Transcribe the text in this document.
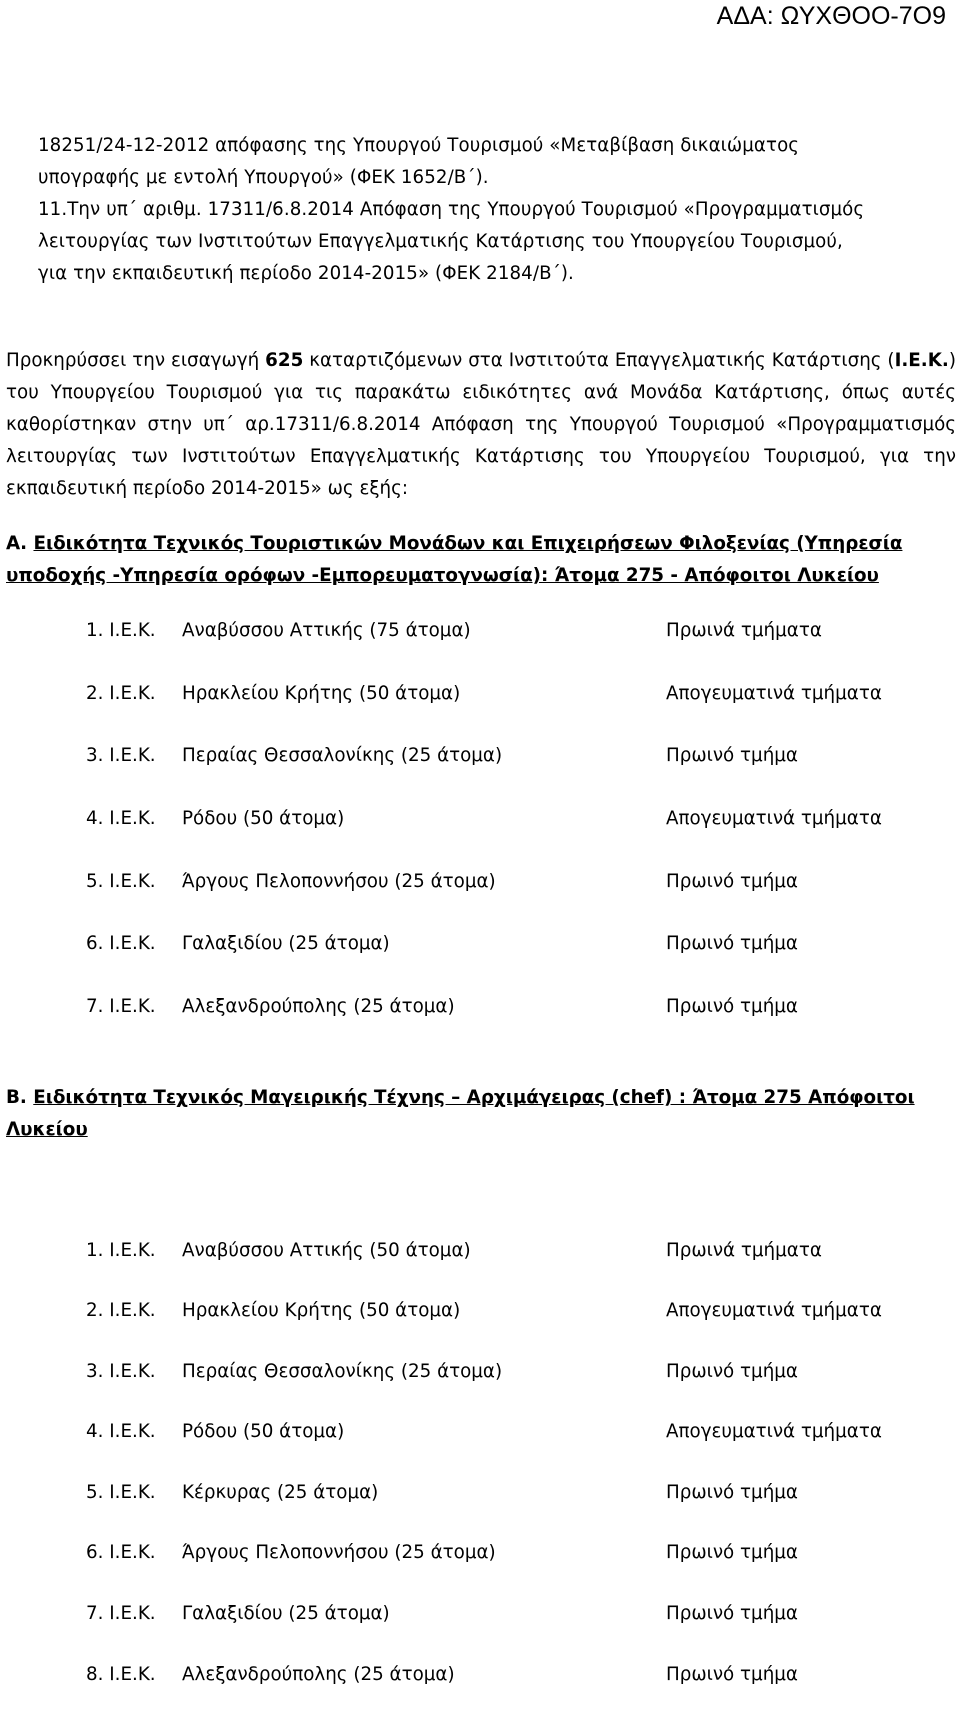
ΑΔΑ: ΩΥΧΘΟΟ-7Ο9
18251/24-12-2012 απόφασης της Υπουργού Τουρισμού «Μεταβίβαση δικαιώματος
υπογραφής με εντολή Υπουργού» (ΦΕΚ 1652/Β΄).
11.Την υπ΄ αριθμ. 17311/6.8.2014 Απόφαση της Υπουργού Τουρισμού «Προγραμματισμός
λειτουργίας των Ινστιτούτων Επαγγελματικής Κατάρτισης του Υπουργείου Τουρισμού,
για την εκπαιδευτική περίοδο 2014-2015» (ΦΕΚ 2184/Β΄).
Προκηρύσσει την εισαγωγή 625 καταρτιζόμενων στα Ινστιτούτα Επαγγελματικής Κατάρτισης (Ι.Ε.Κ.) του Υπουργείου Τουρισμού για τις παρακάτω ειδικότητες ανά Μονάδα Κατάρτισης, όπως αυτές καθορίστηκαν στην υπ΄ αρ.17311/6.8.2014 Απόφαση της Υπουργού Τουρισμού «Προγραμματισμός λειτουργίας των Ινστιτούτων Επαγγελματικής Κατάρτισης του Υπουργείου Τουρισμού, για την εκπαιδευτική περίοδο 2014-2015» ως εξής:
Α. Ειδικότητα Τεχνικός Τουριστικών Μονάδων και Επιχειρήσεων Φιλοξενίας (Υπηρεσία υποδοχής -Υπηρεσία ορόφων -Εμπορευματογνωσία): Άτομα 275 - Απόφοιτοι Λυκείου
1. Ι.Ε.Κ. Αναβύσσου Αττικής (75 άτομα)	Πρωινά τμήματα
2. Ι.Ε.Κ. Ηρακλείου Κρήτης (50 άτομα)	Απογευματινά τμήματα
3. Ι.Ε.Κ. Περαίας Θεσσαλονίκης (25 άτομα)	Πρωινό τμήμα
4. Ι.Ε.Κ. Ρόδου (50 άτομα)	Απογευματινά τμήματα
5. Ι.Ε.Κ. Άργους Πελοποννήσου (25 άτομα)	Πρωινό τμήμα
6. Ι.Ε.Κ. Γαλαξιδίου (25 άτομα)	Πρωινό τμήμα
7. Ι.Ε.Κ. Αλεξανδρούπολης (25 άτομα)	Πρωινό τμήμα
Β. Ειδικότητα Τεχνικός Μαγειρικής Τέχνης – Αρχιμάγειρας (chef) : Άτομα 275 Απόφοιτοι Λυκείου
1. Ι.Ε.Κ. Αναβύσσου Αττικής (50 άτομα)	Πρωινά τμήματα
2. Ι.Ε.Κ. Ηρακλείου Κρήτης (50 άτομα)	Απογευματινά τμήματα
3. Ι.Ε.Κ. Περαίας Θεσσαλονίκης (25 άτομα)	Πρωινό τμήμα
4. Ι.Ε.Κ. Ρόδου (50 άτομα)	Απογευματινά τμήματα
5. Ι.Ε.Κ. Κέρκυρας (25 άτομα)	Πρωινό τμήμα
6. Ι.Ε.Κ. Άργους Πελοποννήσου (25 άτομα)	Πρωινό τμήμα
7. Ι.Ε.Κ. Γαλαξιδίου (25 άτομα)	Πρωινό τμήμα
8. Ι.Ε.Κ. Αλεξανδρούπολης (25 άτομα)	Πρωινό τμήμα
